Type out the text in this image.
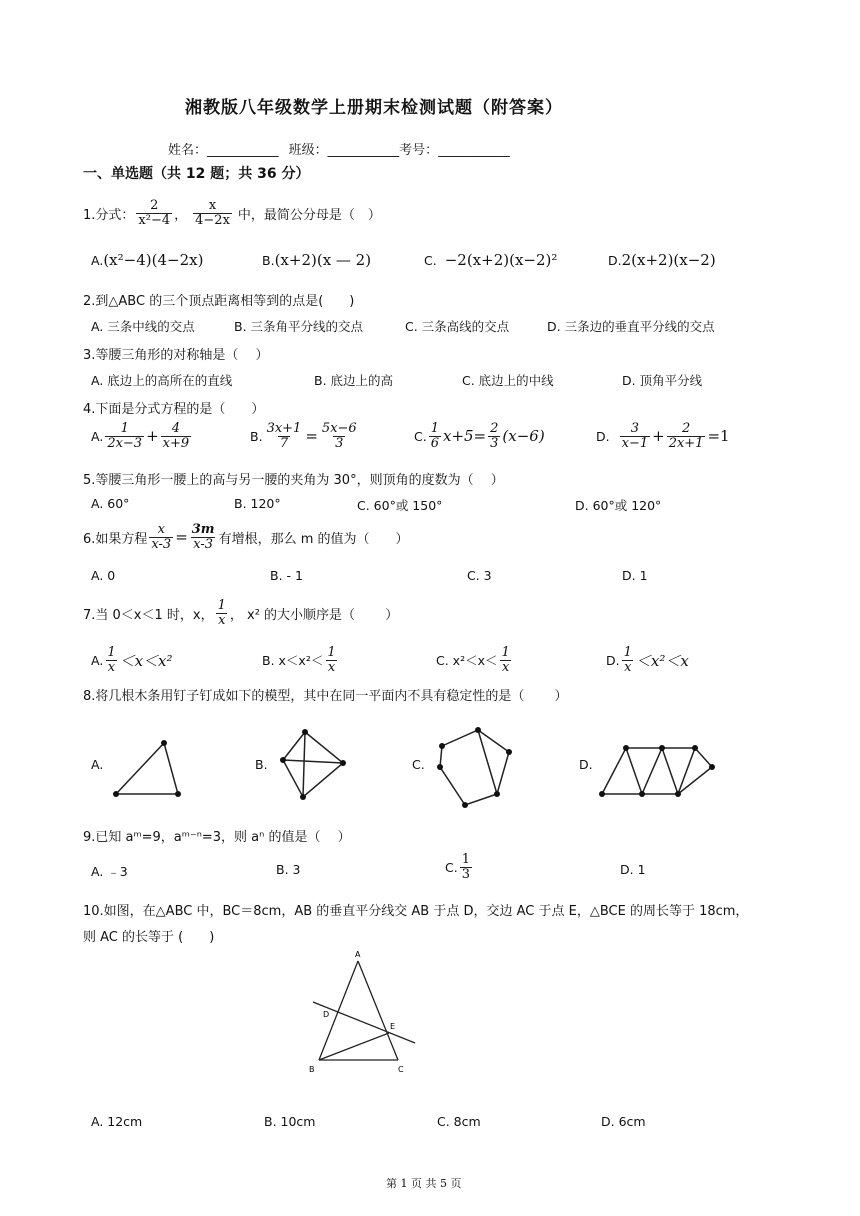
湘教版八年级数学上册期末检测试题（附答案）
姓名：___________ 班级：___________考号：___________
一、单选题（共 12 题；共 36 分）
1.分式： $\frac{2}{\text{x²−4}}$ ， $\frac{x}{4-2x}$ 中，最简公分母是（　）
A.(x²−4)(4−2x)	B.(x+2)(x — 2)	C. −2(x+2)(x−2)²	D.2(x+2)(x−2)
2.到△ABC 的三个顶点距离相等到的点是(　　)
A. 三条中线的交点	B. 三条角平分线的交点	C. 三条高线的交点	D. 三条边的垂直平分线的交点
3.等腰三角形的对称轴是（　 ）
A. 底边上的高所在的直线	B. 底边上的高	C. 底边上的中线	D. 顶角平分线
4.下面是分式方程的是（　　）
A. $\frac{1}{2x-3} + \frac{4}{x+9}$	B. $\frac{3x+1}{7} = \frac{5x-6}{3}$	C. $\frac{1}{6} x+5= \frac{2}{3} (x-6)$	D. $\frac{3}{x-1} + \frac{2}{2x+1} =1$
5.等腰三角形一腰上的高与另一腰的夹角为 30°，则顶角的度数为（　 ）
A. 60°	B. 120°	C. 60°或 150°	D. 60°或 120°
6.如果方程 $\frac{x}{x-3} = \frac{3m}{x-3}$ 有增根，那么 m 的值为（　　）
A. 0	B. - 1	C. 3	D. 1
7.当 0＜x＜1 时，x， $\frac{1}{x}$ ， x² 的大小顺序是（　　 ）
A. $\frac{1}{x} <x<x^2$	B. $x<x^2< \frac{1}{x}$	C. $x^2<x< \frac{1}{x}$	D. $\frac{1}{x} <x^2<x$
8.将几根木条用钉子钉成如下的模型，其中在同一平面内不具有稳定性的是（　　 ）
A.	B.	C.	D.
9.已知 aᵐ=9，aᵐ⁻ⁿ=3，则 aⁿ 的值是（　 ）
A. ﹣3	B. 3	C. $\frac{1}{3}$	D. 1
10.如图，在△ABC 中，BC＝8cm，AB 的垂直平分线交 AB 于点 D，交边 AC 于点 E，△BCE 的周长等于 18cm，
则 AC 的长等于 (　　)
A
D
E
B	C
A. 12cm	B. 10cm	C. 8cm	D. 6cm
第 1 页 共 5 页
